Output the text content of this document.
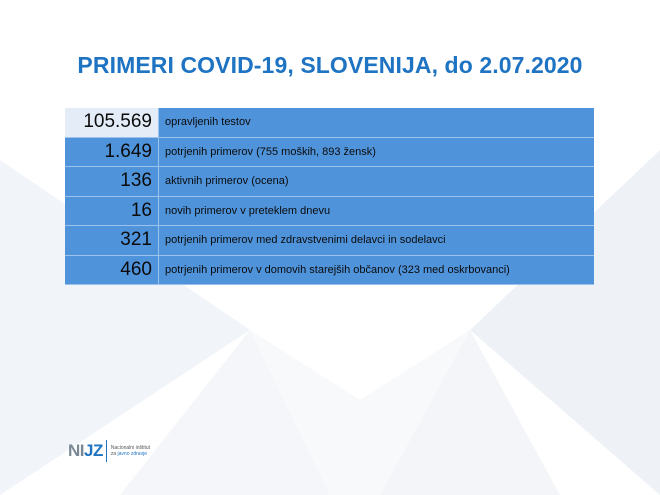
PRIMERI COVID-19, SLOVENIJA, do 2.07.2020
105.569	opravljenih testov
1.649	potrjenih primerov (755 moških, 893 žensk)
136	aktivnih primerov (ocena)
16	novih primerov v preteklem dnevu
321	potrjenih primerov med zdravstvenimi delavci in sodelavci
460	potrjenih primerov v domovih starejših občanov (323 med oskrbovanci)
NIJZ Nacionalni inštitut
za javno zdravje
